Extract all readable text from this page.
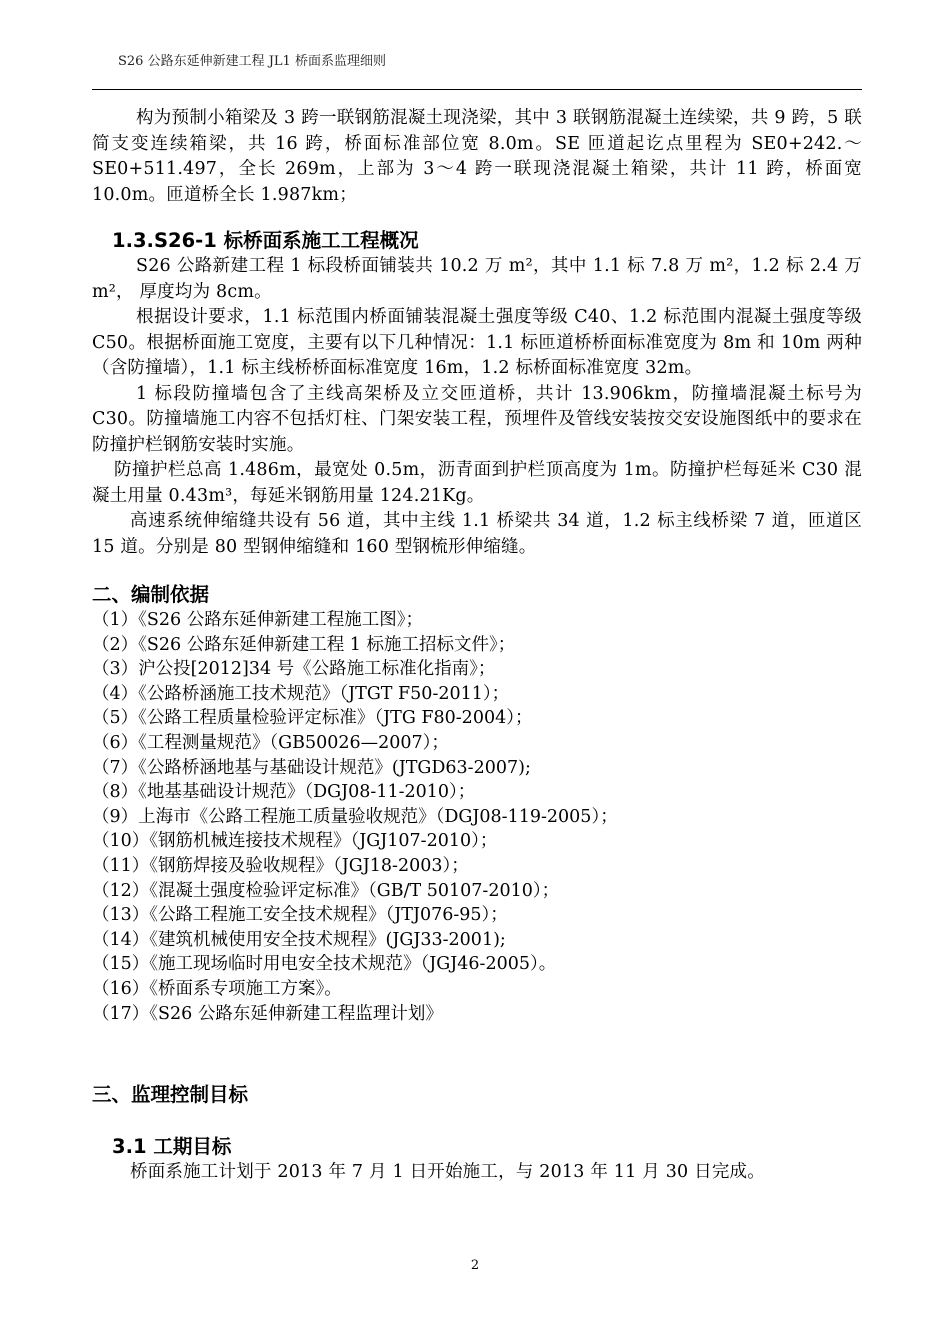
S26 公路东延伸新建工程 JL1 桥面系监理细则

构为预制小箱梁及 3 跨一联钢筋混凝土现浇梁，其中 3 联钢筋混凝土连续梁，共 9 跨，5 联简支变连续箱梁，共 16 跨，桥面标准部位宽 8.0m。SE 匝道起讫点里程为 SE0+242.～SE0+511.497，全长 269m，上部为 3～4 跨一联现浇混凝土箱梁，共计 11 跨，桥面宽 10.0m。匝道桥全长 1.987km；

1.3.S26-1 标桥面系施工工程概况

S26 公路新建工程 1 标段桥面铺装共 10.2 万 m²，其中 1.1 标 7.8 万 m²，1.2 标 2.4 万 m²， 厚度均为 8cm。

根据设计要求，1.1 标范围内桥面铺装混凝土强度等级 C40、1.2 标范围内混凝土强度等级 C50。根据桥面施工宽度，主要有以下几种情况：1.1 标匝道桥桥面标准宽度为 8m 和 10m 两种（含防撞墙），1.1 标主线桥桥面标准宽度 16m，1.2 标桥面标准宽度 32m。

1 标段防撞墙包含了主线高架桥及立交匝道桥，共计 13.906km，防撞墙混凝土标号为 C30。防撞墙施工内容不包括灯柱、门架安装工程，预埋件及管线安装按交安设施图纸中的要求在防撞护栏钢筋安装时实施。

防撞护栏总高 1.486m，最宽处 0.5m，沥青面到护栏顶高度为 1m。防撞护栏每延米 C30 混凝土用量 0.43m³，每延米钢筋用量 124.21Kg。

高速系统伸缩缝共设有 56 道，其中主线 1.1 桥梁共 34 道，1.2 标主线桥梁 7 道，匝道区 15 道。分别是 80 型钢伸缩缝和 160 型钢梳形伸缩缝。

二、编制依据

（1）《S26 公路东延伸新建工程施工图》；
（2）《S26 公路东延伸新建工程 1 标施工招标文件》；
（3）沪公投[2012]34 号《公路施工标准化指南》；
（4）《公路桥涵施工技术规范》（JTGT F50-2011）；
（5）《公路工程质量检验评定标准》（JTG F80-2004）；
（6）《工程测量规范》（GB50026—2007）；
（7）《公路桥涵地基与基础设计规范》(JTGD63-2007);
（8）《地基基础设计规范》（DGJ08-11-2010）；
（9）上海市《公路工程施工质量验收规范》（DGJ08-119-2005）；
（10）《钢筋机械连接技术规程》（JGJ107-2010）；
（11）《钢筋焊接及验收规程》（JGJ18-2003）；
（12）《混凝土强度检验评定标准》（GB/T 50107-2010）；
（13）《公路工程施工安全技术规程》（JTJ076-95）；
（14）《建筑机械使用安全技术规程》(JGJ33-2001);
（15）《施工现场临时用电安全技术规范》（JGJ46-2005）。
（16）《桥面系专项施工方案》。
（17）《S26 公路东延伸新建工程监理计划》

三、监理控制目标

3.1 工期目标

桥面系施工计划于 2013 年 7 月 1 日开始施工，与 2013 年 11 月 30 日完成。

2
